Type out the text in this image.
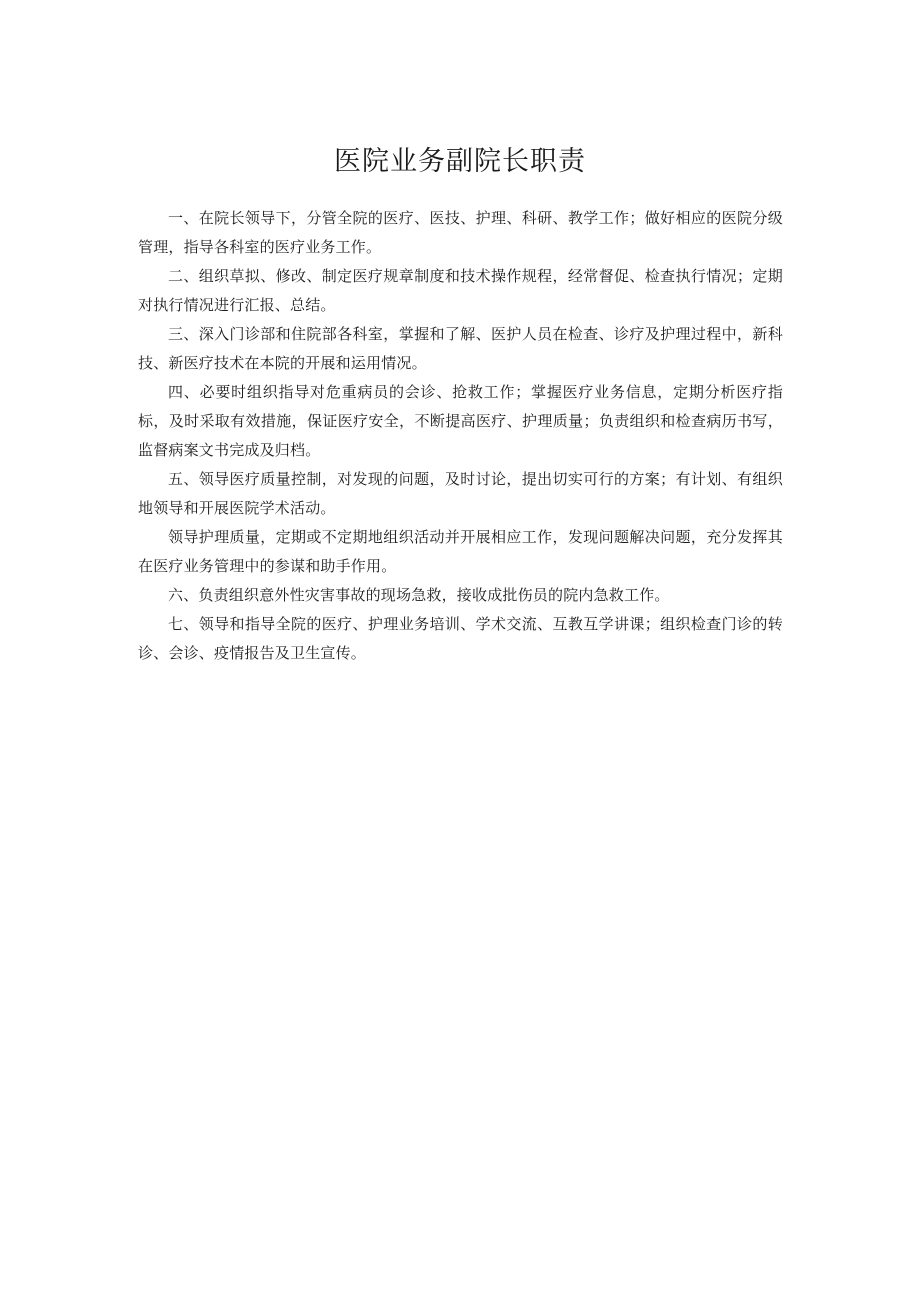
医院业务副院长职责

一、在院长领导下，分管全院的医疗、医技、护理、科研、教学工作；做好相应的医院分级管理，指导各科室的医疗业务工作。

二、组织草拟、修改、制定医疗规章制度和技术操作规程，经常督促、检查执行情况；定期对执行情况进行汇报、总结。

三、深入门诊部和住院部各科室，掌握和了解、医护人员在检查、诊疗及护理过程中，新科技、新医疗技术在本院的开展和运用情况。

四、必要时组织指导对危重病员的会诊、抢救工作；掌握医疗业务信息，定期分析医疗指标，及时采取有效措施，保证医疗安全，不断提高医疗、护理质量；负责组织和检查病历书写，监督病案文书完成及归档。

五、领导医疗质量控制，对发现的问题，及时讨论，提出切实可行的方案；有计划、有组织地领导和开展医院学术活动。

领导护理质量，定期或不定期地组织活动并开展相应工作，发现问题解决问题，充分发挥其在医疗业务管理中的参谋和助手作用。

六、负责组织意外性灾害事故的现场急救，接收成批伤员的院内急救工作。

七、领导和指导全院的医疗、护理业务培训、学术交流、互教互学讲课；组织检查门诊的转诊、会诊、疫情报告及卫生宣传。
